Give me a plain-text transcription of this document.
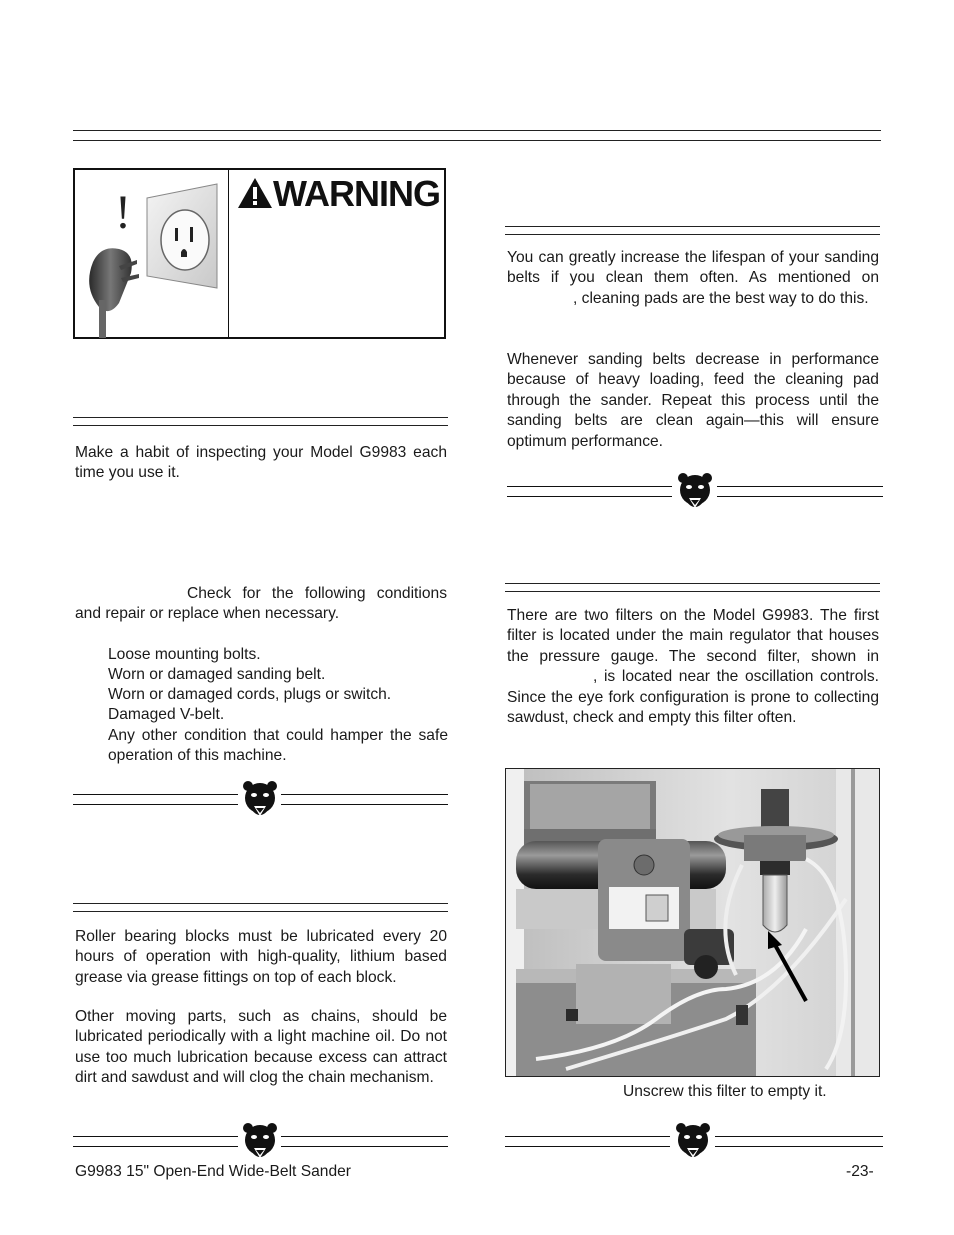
!	WARNING

Make a habit of inspecting your Model G9983 each time you use it.

Check for the following conditions and repair or replace when necessary.

Loose mounting bolts.

Worn or damaged sanding belt.

Worn or damaged cords, plugs or switch.

Damaged V-belt.

Any other condition that could hamper the safe operation of this machine.

Roller bearing blocks must be lubricated every 20 hours of operation with high-quality, lithium based grease via grease fittings on top of each block.

Other moving parts, such as chains, should be lubricated periodically with a light machine oil. Do not use too much lubrication because excess can attract dirt and sawdust and will clog the chain mechanism.

You can greatly increase the lifespan of your sanding belts if you clean them often. As mentioned on, cleaning pads are the best way to do this.

Whenever sanding belts decrease in performance because of heavy loading, feed the cleaning pad through the sander. Repeat this process until the sanding belts are clean again—this will ensure optimum performance.

There are two filters on the Model G9983. The first filter is located under the main regulator that houses the pressure gauge. The second filter, shown in, is located near the oscillation controls. Since the eye fork configuration is prone to collecting sawdust, check and empty this filter often.

Unscrew this filter to empty it.
G9983 15" Open-End Wide-Belt Sander	-23-
